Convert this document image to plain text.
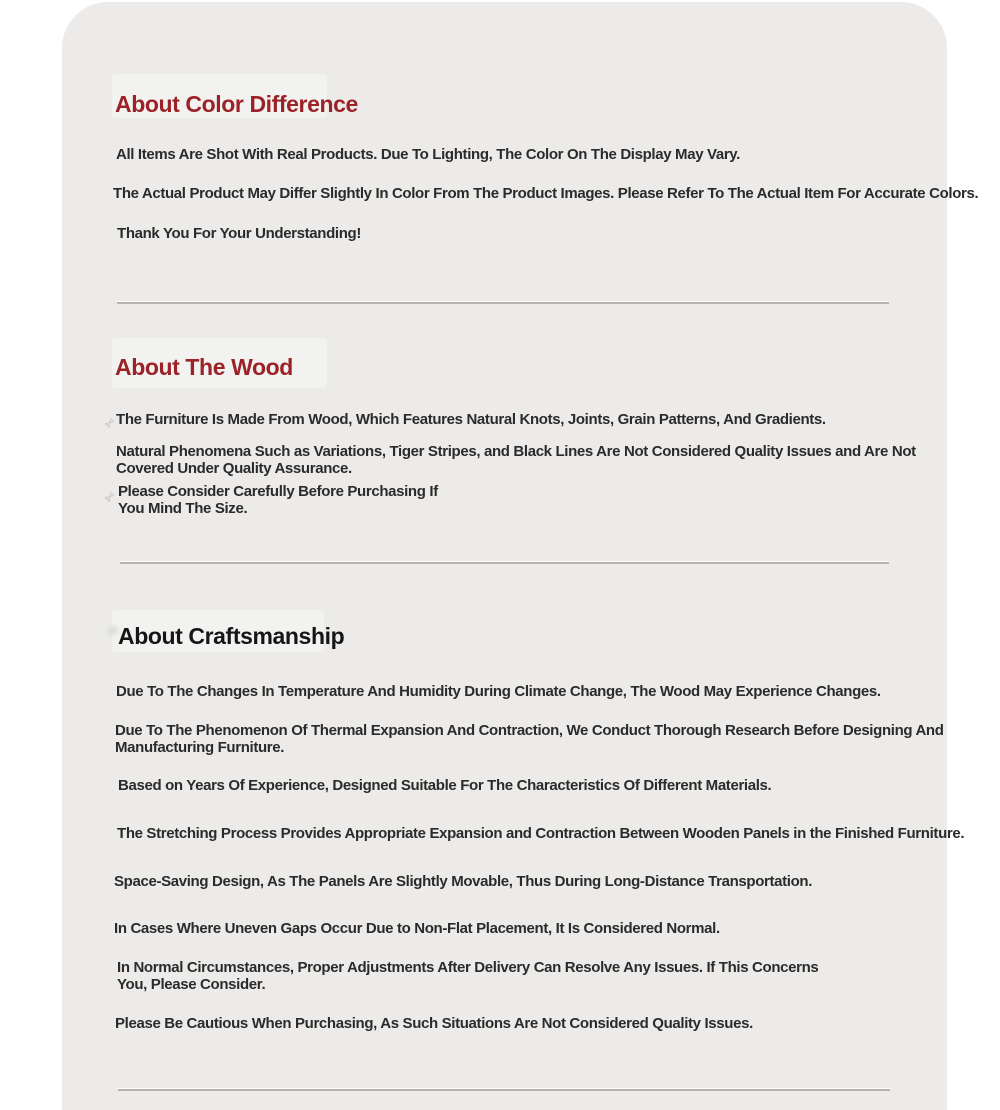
About Color Difference
All Items Are Shot With Real Products. Due To Lighting, The Color On The Display May Vary.
The Actual Product May Differ Slightly In Color From The Product Images. Please Refer To The Actual Item For Accurate Colors.
Thank You For Your Understanding!
About The Wood
✄
The Furniture Is Made From Wood, Which Features Natural Knots, Joints, Grain Patterns, And Gradients.
Natural Phenomena Such as Variations, Tiger Stripes, and Black Lines Are Not Considered Quality Issues and Are Not
Covered Under Quality Assurance.
✄ Please Consider Carefully Before Purchasing If
You Mind The Size.
About Craftsmanship
Due To The Changes In Temperature And Humidity During Climate Change, The Wood May Experience Changes.
Due To The Phenomenon Of Thermal Expansion And Contraction, We Conduct Thorough Research Before Designing And
Manufacturing Furniture.
Based on Years Of Experience, Designed Suitable For The Characteristics Of Different Materials.
The Stretching Process Provides Appropriate Expansion and Contraction Between Wooden Panels in the Finished Furniture.
Space-Saving Design, As The Panels Are Slightly Movable, Thus During Long-Distance Transportation.
In Cases Where Uneven Gaps Occur Due to Non-Flat Placement, It Is Considered Normal.
In Normal Circumstances, Proper Adjustments After Delivery Can Resolve Any Issues. If This Concerns
You, Please Consider.
Please Be Cautious When Purchasing, As Such Situations Are Not Considered Quality Issues.
